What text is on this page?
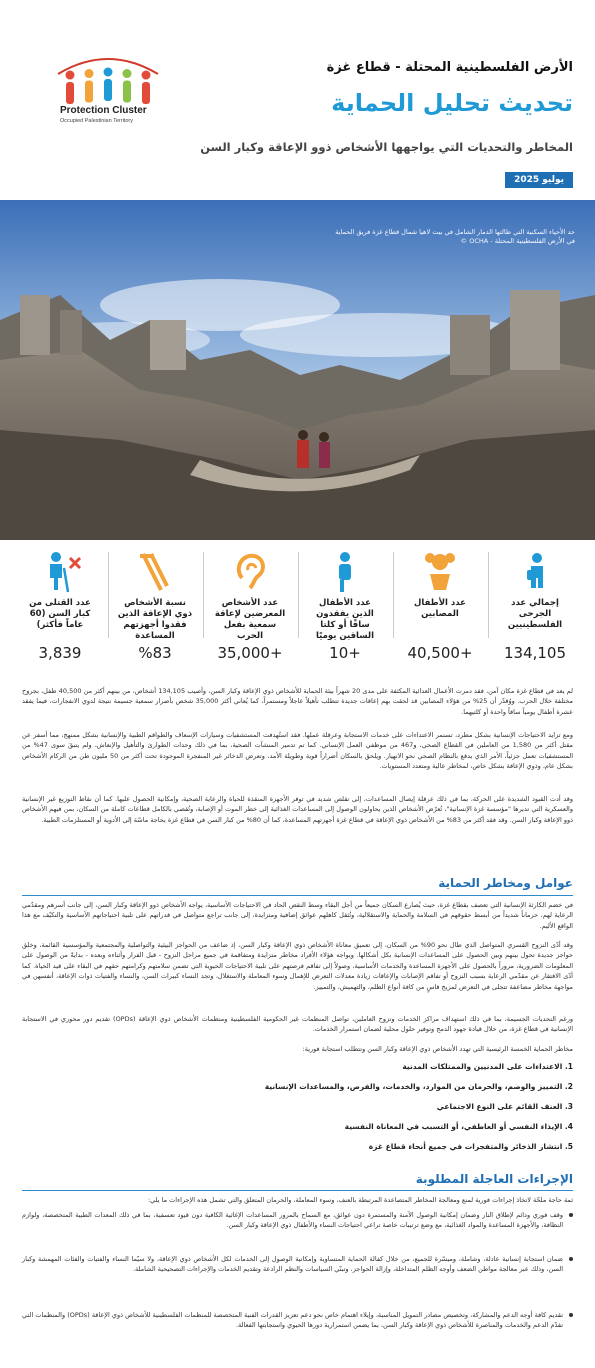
Protection Cluster
Occupied Palestinian Territory
الأرض الفلسطينية المحتلة - قطاع غزة
تحديث تحليل الحماية
المخاطر والتحديات التي يواجهها الأشخاص ذوو الإعاقة وكبار السن
يوليو 2025
حد الأحياء السكنية التي طالتها الدمار الشامل في بيت لاهيا شمال قطاع غزة فريق الحماية في الأرض الفلسطينية المحتلة - OCHA ©
إجمالي عدد الجرحى الفلسطينيين
134,105
عدد الأطفال المصابين
+40,500
عدد الأطفال الذين يفقدون ساقًا أو كلتا الساقين يوميًا
+10
عدد الأشخاص المعرضين لإعاقة سمعية بفعل الحرب
+35,000
نسبة الأشخاص ذوي الإعاقة الذين فقدوا أجهزتهم المساعدة
%83
عدد القتلى من كبار السن (60 عاماً فأكثر)
3,839
لم يعد في قطاع غزة مكان آمن، فقد دمرت الأعمال العدائية المكثفة على مدى 20 شهراً بيئة الحماية للأشخاص ذوي الإعاقة وكبار السن، وأصيب 134,105 أشخاص، من بينهم أكثر من 40,500 طفل، بجروح مختلفة خلال الحرب. ووُقدّر أن 25% من هؤلاء المصابين قد لحقت بهم إعاقات جديدة تتطلب تأهيلاً عاجلاً ومستمراً، كما يُعاني أكثر 35,000 شخص بأضرار سمعية جسيمة نتيجة لدوي الانفجارات، فيما يفقد عشرة أطفال يومياً ساقاً واحدة أو كلتيهما.
ومع تزايد الاحتياجات الإنسانية بشكل مطرد، تستمر الاعتداءات على خدمات الاستجابة وعرقلة عملها. فقد استُهدفت المستشفيات وسيارات الإسعاف والطواقم الطبية والإنسانية بشكل ممنهج، مما أسفر عن مقتل أكثر من 1,580 من العاملين في القطاع الصحي، و467 من موظفي العمل الإنساني. كما تم تدمير المنشآت الصحية، بما في ذلك وحدات الطوارئ والتأهيل والإنعاش، ولم يتبقَ سوى 47% من المستشفيات تعمل جزئياً، الأمر الذي يدفع بالنظام الصحي نحو الانهيار. ويلحق بالسكان أضراراً قوية وطويلة الأمد، وتعرض الدخائر غير المنفجرة الموجودة تحت أكثر من 50 مليون طن من الركام الأشخاص بشكل عام، وذوي الإعاقة بشكل خاص، لمخاطر عالية ومتعدد المستويات.
وقد أدت القيود الشديدة على الحركة، بما في ذلك عرقلة إيصال المساعدات، إلى تقلص شديد في توفر الأجهزة المنقذة للحياة والرعاية الصحية، وإمكانية الحصول عليها. كما أن نقاط التوزيع غير الإنسانية والعسكرية التي تديرها "مؤسسة غزة الإنسانية"، تُعرّض الأشخاص الذين يحاولون الوصول إلى المساعدات الغذائية إلى خطر الموت أو الإصابة، وتُقصي بالكامل قطاعات كاملة من السكان، بمن فيهم الأشخاص ذوو الإعاقة وكبار السن. وقد فقد أكثر من 83% من الأشخاص ذوي الإعاقة في قطاع غزة أجهزتهم المساعدة، كما أن 80% من كبار السن في قطاع غزة بحاجة ماسّة إلى الأدوية أو المستلزمات الطبية.
عوامل ومخاطر الحماية
في خضم الكارثة الإنسانية التي تعصف بقطاع غزة، حيث يُصارع السكان جميعاً من أجل البقاء وسط النقص الحاد في الاحتياجات الأساسية، يواجه الأشخاص ذوو الإعاقة وكبار السن، إلى جانب أسرهم ومقدّمي الرعاية لهم، حرماناً شديداً من أبسط حقوقهم في السلامة والحماية والاستقلالية، وتُثقل كاهلهم عوائق إضافية ومتزايدة، إلى جانب تراجع متواصل في قدراتهم على تلبية احتياجاتهم الأساسية والتكيّف مع هذا الواقع الأليم.
وقد أدّى النزوح القسري المتواصل الذي طال نحو 90% من السكان، إلى تعميق معاناة الأشخاص ذوي الإعاقة وكبار السن، إذ ضاعف من الحواجز البيئية والتواصلية والمجتمعية والمؤسسية القائمة، وخلق حواجز جديدة تحول بينهم وبين الحصول على المساعدات الإنسانية بكل أشكالها. ويواجه هؤلاء الأفراد مخاطر متزايدة ومتفاقمة في جميع مراحل النزوح - قبل الفرار وأثناءه وبعده - بدايةً من الوصول على المعلومات الضرورية، مروراً بالحصول على الأجهزة المساعدة والخدمات الأساسية، وصولاً إلى تفاقم فرصتهم على تلبية الاحتياجات الحيوية التي تضمن سلامتهم وكرامتهم حقهم في البقاء على قيد الحياة. كما أدّى الافتقار عن مقدّمي الرعاية بسبب النزوح أو تفاقم الإصابات والإعاقات زيادة معدلات التعرض للإهمال وسوء المعاملة والاستغلال، وتجد النساء كبيرات السن، والنساء والفتيات ذوات الإعاقة، أنفسهن في مواجهة مخاطر مضاعفة تتجلى في التعرض لمزيج قاسٍ من كافة أنواع الظلم، والتهميش، والتمييز.
ورغم التحديات الجسيمة، بما في ذلك استهداف مراكز الخدمات وتزوح العاملين، تواصل المنظمات غير الحكومية الفلسطينية ومنظمات الأشخاص ذوي الإعاقة (OPDs) تقديم دور محوري في الاستجابة الإنسانية في قطاع غزة، من خلال قيادة جهود الدمج وتوفير حلول محلية لضمان استمرار الخدمات.
مخاطر الحماية الخمسة الرئيسية التي تهدد الأشخاص ذوي الإعاقة وكبار السن وتتطلب استجابة فورية:
1. الاعتداءات على المدنيين والممتلكات المدنية
2. التمييز والوصم، والحرمان من الموارد، والخدمات، والفرص، والمساعدات الإنسانية
3. العنف القائم على النوع الاجتماعي
4. الإيذاء النفسي أو العاطفي، أو التسبب في المعاناة النفسية
5. انتشار الذخائر والمتفجرات في جميع أنحاء قطاع غزة
الإجراءات العاجلة المطلوبة
ثمة حاجة ملحّة لاتخاذ إجراءات فورية لمنع ومعالجة المخاطر المتصاعدة المرتبطة بالعنف، وسوء المعاملة، والحرمان المتعلق والتي تشمل هذه الإجراءات ما يلي:
وقف فوري ودائم لإطلاق النار وضمان إمكانية الوصول الآمنة والمستمرة دون عوائق، مع السماح بالمرور المساعدات الإغاثية الكافية دون قيود تعسفية، بما في ذلك المعدات الطبية المتخصصة، ولوازم النظافة، والأجهزة المساعدة والمواد الغذائية، مع وضع ترتيبات خاصة تراعي احتياجات النساء والأطفال ذوي الإعاقة وكبار السن.
ضمان استجابة إنسانية عادلة، وشاملة، وميسّرة للجميع، من خلال كفالة الحماية المتساوية وإمكانية الوصول إلى الخدمات لكل الأشخاص ذوي الإعاقة، ولا سيّما النساء والفتيات والفئات المهمشة وكبار السن، وذلك عبر معالجة مواطن الضعف وأوجه الظلم المتداخلة، وإزالة الحواجز، وتبنّي السياسات والنظم الرادعة وتقديم الخدمات والإجراءات التصحيحية الشاملة.
تقديم كافة أوجه الدعم والمشاركة، وتخصيص مصادر التمويل المناسبة، وإيلاء اهتمام خاص نحو دعم تعزيز القدرات الفنية المتخصصة للمنظمات الفلسطينية للأشخاص ذوي الإعاقة (OPDs) والمنظمات التي تقدّم الدعم والخدمات والمناصرة للأشخاص ذوي الإعاقة وكبار السن، بما يضمن استمرارية دورها الحيوي واستجابتها الفعالة.
